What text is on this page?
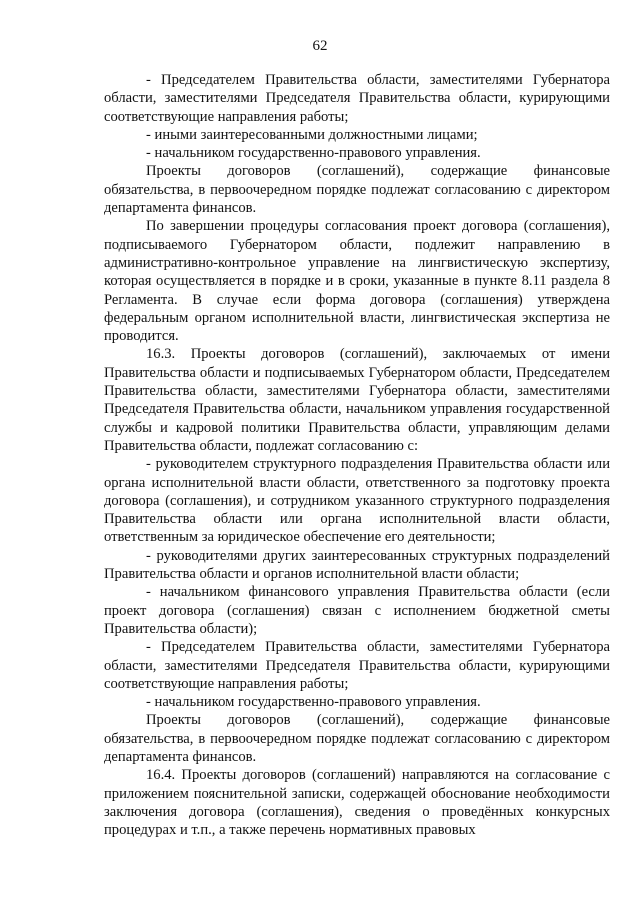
62

- Председателем Правительства области, заместителями Губернатора области, заместителями Председателя Правительства области, курирующими соответствующие направления работы;

- иными заинтересованными должностными лицами;

- начальником государственно-правового управления.

Проекты договоров (соглашений), содержащие финансовые обязательства, в первоочередном порядке подлежат согласованию с директором департамента финансов.

По завершении процедуры согласования проект договора (соглашения), подписываемого Губернатором области, подлежит направлению в административно-контрольное управление на лингвистическую экспертизу, которая осуществляется в порядке и в сроки, указанные в пункте 8.11 раздела 8 Регламента. В случае если форма договора (соглашения) утверждена федеральным органом исполнительной власти, лингвистическая экспертиза не проводится.

16.3. Проекты договоров (соглашений), заключаемых от имени Правительства области и подписываемых Губернатором области, Председателем Правительства области, заместителями Губернатора области, заместителями Председателя Правительства области, начальником управления государственной службы и кадровой политики Правительства области, управляющим делами Правительства области, подлежат согласованию с:

- руководителем структурного подразделения Правительства области или органа исполнительной власти области, ответственного за подготовку проекта договора (соглашения), и сотрудником указанного структурного подразделения Правительства области или органа исполнительной власти области, ответственным за юридическое обеспечение его деятельности;

- руководителями других заинтересованных структурных подразделений Правительства области и органов исполнительной власти области;

- начальником финансового управления Правительства области (если проект договора (соглашения) связан с исполнением бюджетной сметы Правительства области);

- Председателем Правительства области, заместителями Губернатора области, заместителями Председателя Правительства области, курирующими соответствующие направления работы;

- начальником государственно-правового управления.

Проекты договоров (соглашений), содержащие финансовые обязательства, в первоочередном порядке подлежат согласованию с директором департамента финансов.

16.4. Проекты договоров (соглашений) направляются на согласование с приложением пояснительной записки, содержащей обоснование необходимости заключения договора (соглашения), сведения о проведённых конкурсных процедурах и т.п., а также перечень нормативных правовых
